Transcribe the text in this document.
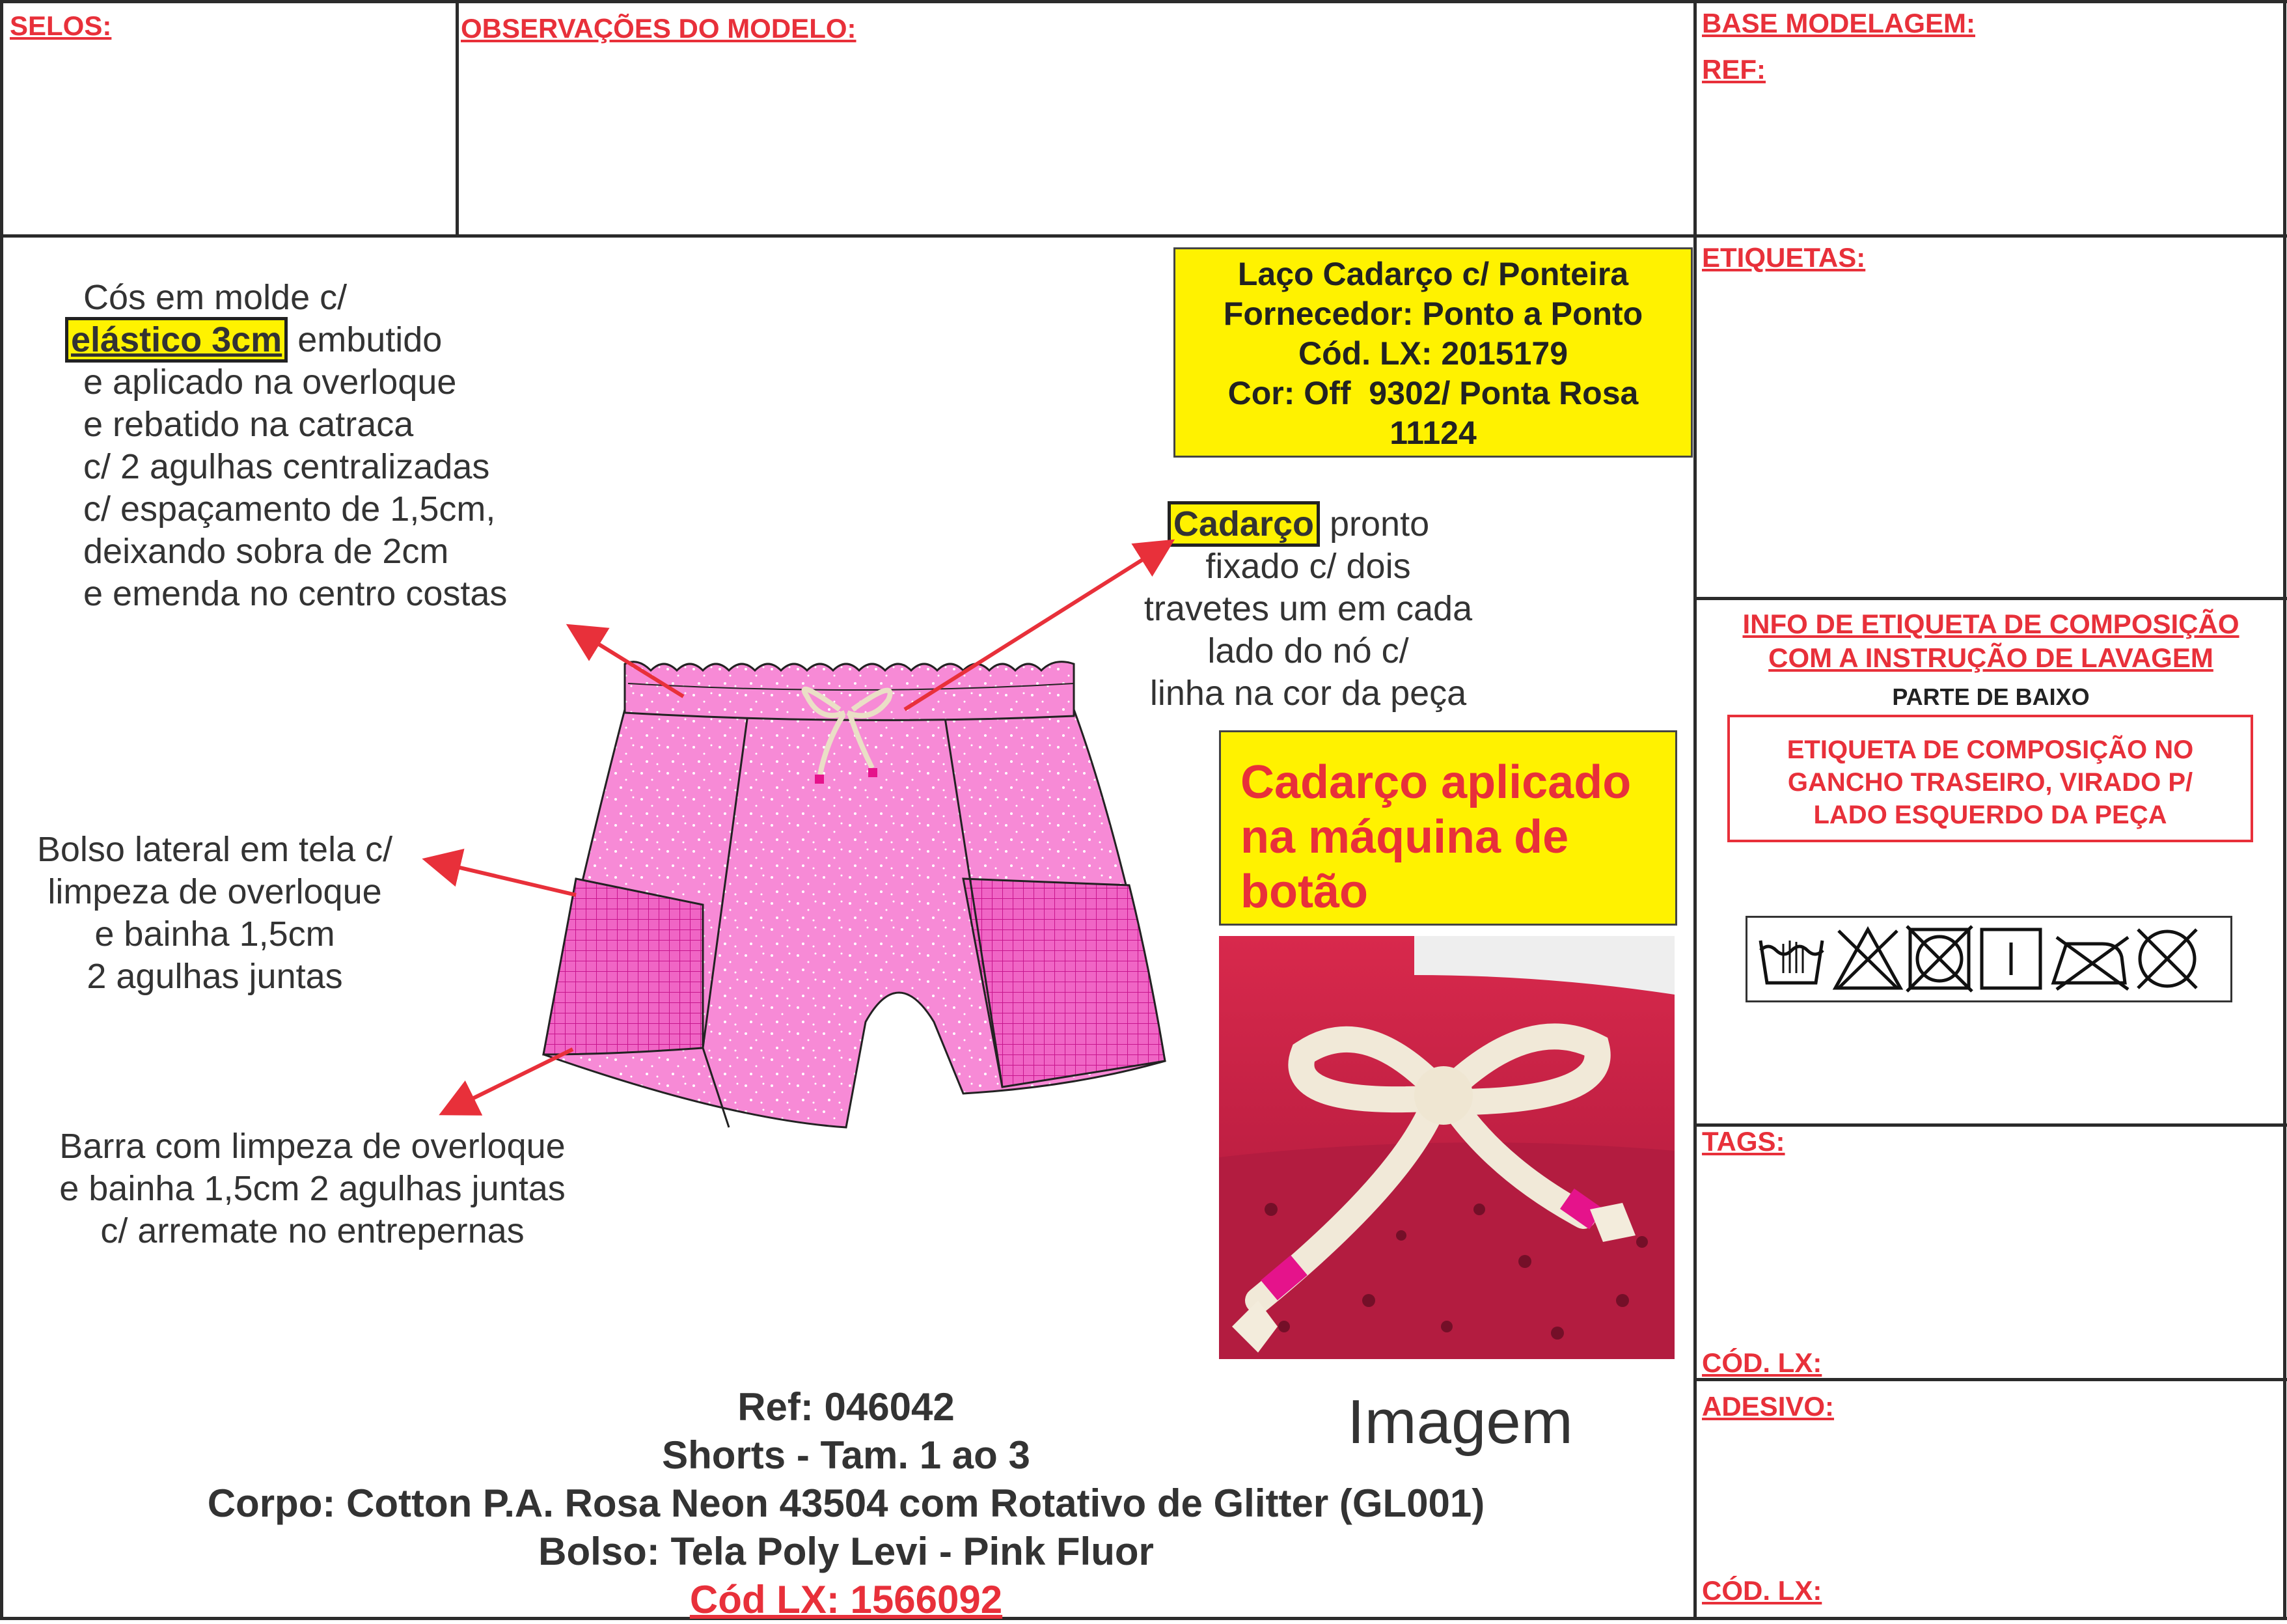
SELOS:	OBSERVAÇÕES DO MODELO:	BASE MODELAGEM:
REF:
ETIQUETAS:
INFO DE ETIQUETA DE COMPOSIÇÃO
COM A INSTRUÇÃO DE LAVAGEM
PARTE DE BAIXO
ETIQUETA DE COMPOSIÇÃO NO
GANCHO TRASEIRO, VIRADO P/
LADO ESQUERDO DA PEÇA
TAGS:
CÓD. LX:
ADESIVO:
CÓD. LX:
Cós em molde c/
elástico 3cm embutido
e aplicado na overloque
e rebatido na catraca
c/ 2 agulhas centralizadas
c/ espaçamento de 1,5cm,
deixando sobra de 2cm
e emenda no centro costas
Bolso lateral em tela c/
limpeza de overloque
e bainha 1,5cm
2 agulhas juntas
Barra com limpeza de overloque
e bainha 1,5cm 2 agulhas juntas
c/ arremate no entrepernas
Cadarço pronto
fixado c/ dois
travetes um em cada
lado do nó c/
linha na cor da peça
Laço Cadarço c/ Ponteira
Fornecedor: Ponto a Ponto
Cód. LX: 2015179
Cor: Off  9302/ Ponta Rosa
11124
Cadarço aplicado
na máquina de
botão
Imagem
Ref: 046042
Shorts - Tam. 1 ao 3
Corpo: Cotton P.A. Rosa Neon 43504 com Rotativo de Glitter (GL001)
Bolso: Tela Poly Levi - Pink Fluor
Cód LX: 1566092
